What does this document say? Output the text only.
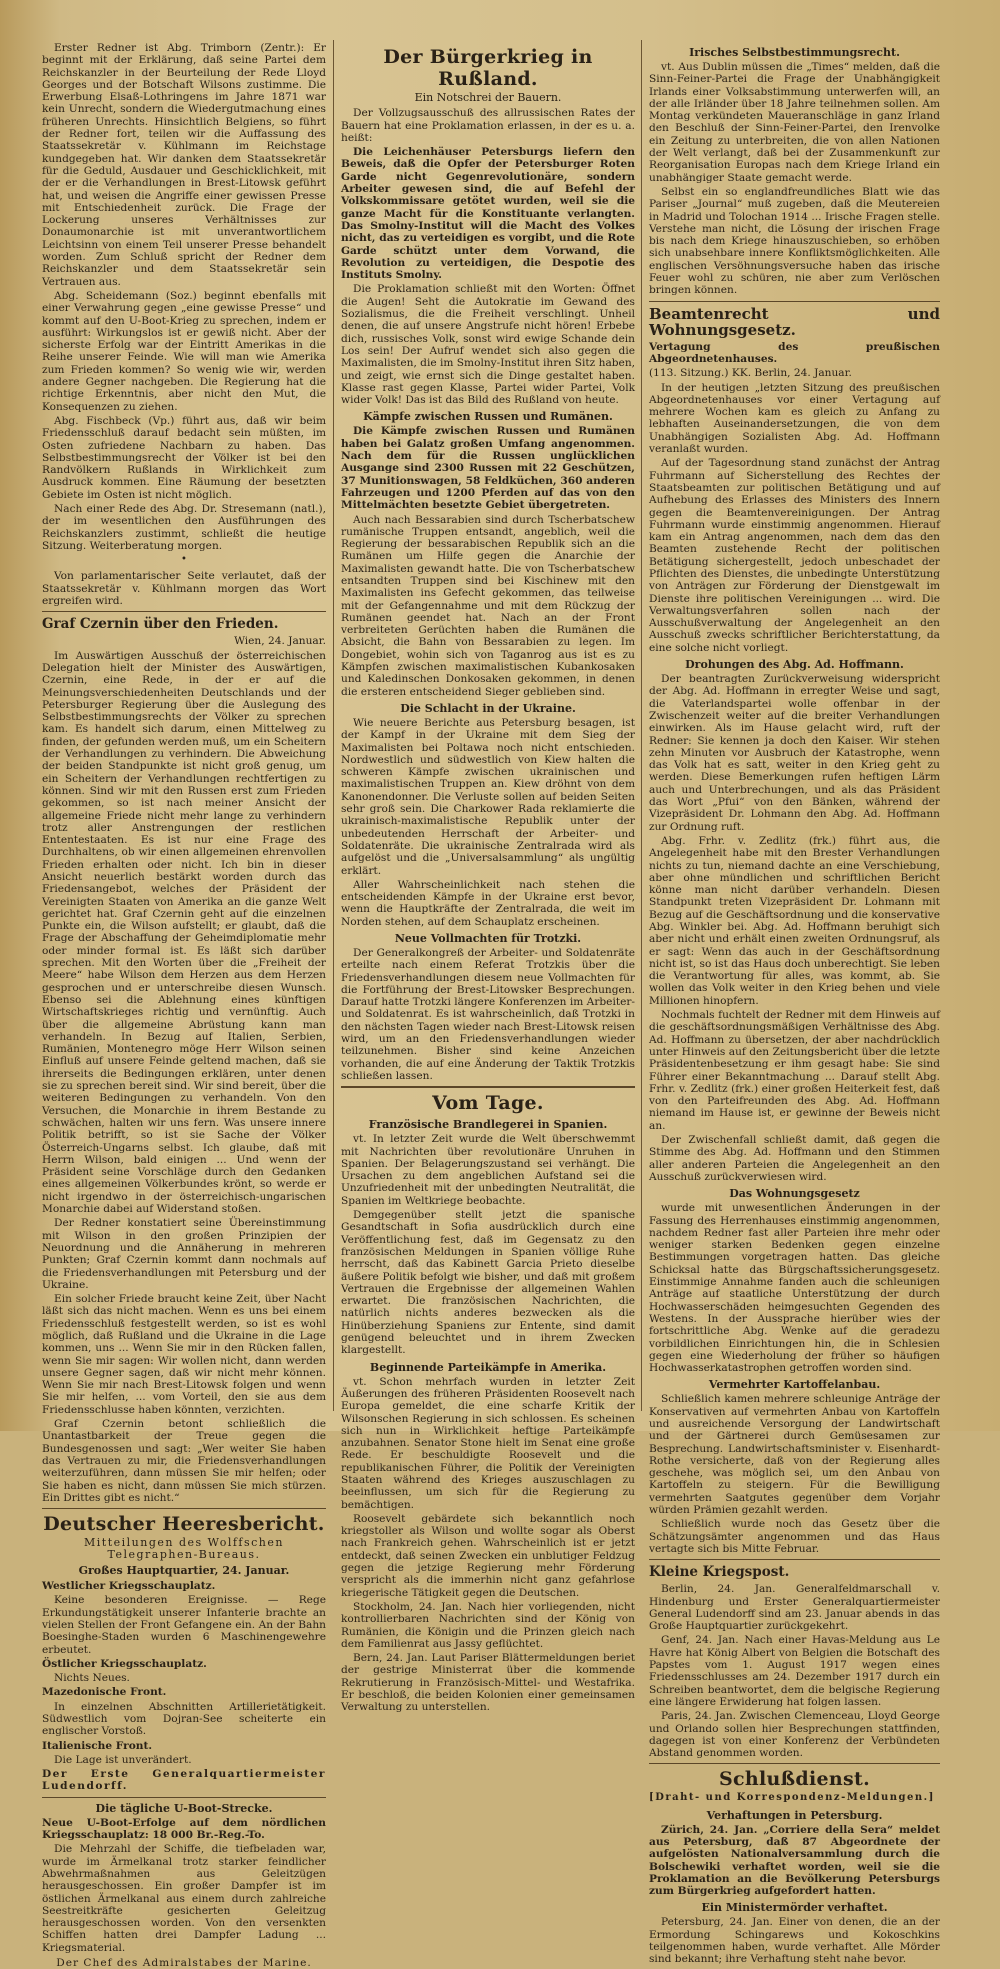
Erster Redner ist Abg. Trimborn (Zentr.): Er beginnt mit der Erklärung, daß seine Partei dem Reichskanzler in der Beurteilung der Rede Lloyd Georges und der Botschaft Wilsons zustimme. Die Erwerbung Elsaß-Lothringens im Jahre 1871 war kein Unrecht, sondern die Wiedergutmachung eines früheren Unrechts. Hinsichtlich Belgiens, so führt der Redner fort, teilen wir die Auffassung des Staatssekretär v. Kühlmann im Reichstage kundgegeben hat. Wir danken dem Staatssekretär für die Geduld, Ausdauer und Geschicklichkeit, mit der er die Verhandlungen in Brest-Litowsk geführt hat, und weisen die Angriffe einer gewissen Presse mit Entschiedenheit zurück. Die Frage der Lockerung unseres Verhältnisses zur Donaumonarchie ist mit unverantwortlichem Leichtsinn von einem Teil unserer Presse behandelt worden. Zum Schluß spricht der Redner dem Reichskanzler und dem Staatssekretär sein Vertrauen aus.

Abg. Scheidemann (Soz.) beginnt ebenfalls mit einer Verwahrung gegen „eine gewisse Presse“ und kommt auf den U-Boot-Krieg zu sprechen, indem er ausführt: Wirkungslos ist er gewiß nicht. Aber der sicherste Erfolg war der Eintritt Amerikas in die Reihe unserer Feinde. Wie will man wie Amerika zum Frieden kommen? So wenig wie wir, werden andere Gegner nachgeben. Die Regierung hat die richtige Erkenntnis, aber nicht den Mut, die Konsequenzen zu ziehen.

Abg. Fischbeck (Vp.) führt aus, daß wir beim Friedensschluß darauf bedacht sein müßten, im Osten zufriedene Nachbarn zu haben. Das Selbstbestimmungsrecht der Völker ist bei den Randvölkern Rußlands in Wirklichkeit zum Ausdruck kommen. Eine Räumung der besetzten Gebiete im Osten ist nicht möglich.

Nach einer Rede des Abg. Dr. Stresemann (natl.), der im wesentlichen den Ausführungen des Reichskanzlers zustimmt, schließt die heutige Sitzung. Weiterberatung morgen.

•

Von parlamentarischer Seite verlautet, daß der Staatssekretär v. Kühlmann morgen das Wort ergreifen wird.

Graf Czernin über den Frieden.
Wien, 24. Januar.

Im Auswärtigen Ausschuß der österreichischen Delegation hielt der Minister des Auswärtigen, Czernin, eine Rede, in der er auf die Meinungsverschiedenheiten Deutschlands und der Petersburger Regierung über die Auslegung des Selbstbestimmungsrechts der Völker zu sprechen kam. Es handelt sich darum, einen Mittelweg zu finden, der gefunden werden muß, um ein Scheitern der Verhandlungen zu verhindern. Die Abweichung der beiden Standpunkte ist nicht groß genug, um ein Scheitern der Verhandlungen rechtfertigen zu können. Sind wir mit den Russen erst zum Frieden gekommen, so ist nach meiner Ansicht der allgemeine Friede nicht mehr lange zu verhindern trotz aller Anstrengungen der restlichen Ententestaaten. Es ist nur eine Frage des Durchhaltens, ob wir einen allgemeinen ehrenvollen Frieden erhalten oder nicht. Ich bin in dieser Ansicht neuerlich bestärkt worden durch das Friedensangebot, welches der Präsident der Vereinigten Staaten von Amerika an die ganze Welt gerichtet hat. Graf Czernin geht auf die einzelnen Punkte ein, die Wilson aufstellt; er glaubt, daß die Frage der Abschaffung der Geheimdiplomatie mehr oder minder formal ist. Es läßt sich darüber sprechen. Mit den Worten über die „Freiheit der Meere“ habe Wilson dem Herzen aus dem Herzen gesprochen und er unterschreibe diesen Wunsch. Ebenso sei die Ablehnung eines künftigen Wirtschaftskrieges richtig und vernünftig. Auch über die allgemeine Abrüstung kann man verhandeln. In Bezug auf Italien, Serbien, Rumänien, Montenegro möge Herr Wilson seinen Einfluß auf unsere Feinde geltend machen, daß sie ihrerseits die Bedingungen erklären, unter denen sie zu sprechen bereit sind. Wir sind bereit, über die weiteren Bedingungen zu verhandeln. Von den Versuchen, die Monarchie in ihrem Bestande zu schwächen, halten wir uns fern. Was unsere innere Politik betrifft, so ist sie Sache der Völker Österreich-Ungarns selbst. Ich glaube, daß mit Herrn Wilson, bald einigen ... Und wenn der Präsident seine Vorschläge durch den Gedanken eines allgemeinen Völkerbundes krönt, so werde er nicht irgendwo in der österreichisch-ungarischen Monarchie dabei auf Widerstand stoßen.

Der Redner konstatiert seine Übereinstimmung mit Wilson in den großen Prinzipien der Neuordnung und die Annäherung in mehreren Punkten; Graf Czernin kommt dann nochmals auf die Friedensverhandlungen mit Petersburg und der Ukraine.

Ein solcher Friede braucht keine Zeit, über Nacht läßt sich das nicht machen. Wenn es uns bei einem Friedensschluß festgestellt werden, so ist es wohl möglich, daß Rußland und die Ukraine in die Lage kommen, uns ... Wenn Sie mir in den Rücken fallen, wenn Sie mir sagen: Wir wollen nicht, dann werden unsere Gegner sagen, daß wir nicht mehr können. Wenn Sie mir nach Brest-Litowsk folgen und wenn Sie mir helfen, ... vom Vorteil, den sie aus dem Friedensschlusse haben könnten, verzichten.

Graf Czernin betont schließlich die Unantastbarkeit der Treue gegen die Bundesgenossen und sagt: „Wer weiter Sie haben das Vertrauen zu mir, die Friedensverhandlungen weiterzuführen, dann müssen Sie mir helfen; oder Sie haben es nicht, dann müssen Sie mich stürzen. Ein Drittes gibt es nicht.“

Deutscher Heeresbericht.
Mitteilungen des Wolffschen Telegraphen-Bureaus.
Großes Hauptquartier, 24. Januar.

Westlicher Kriegsschauplatz.

Keine besonderen Ereignisse. — Rege Erkundungstätigkeit unserer Infanterie brachte an vielen Stellen der Front Gefangene ein. An der Bahn Boesinghe-Staden wurden 6 Maschinengewehre erbeutet.

Östlicher Kriegsschauplatz.

Nichts Neues.

Mazedonische Front.

In einzelnen Abschnitten Artillerietätigkeit. Südwestlich vom Dojran-See scheiterte ein englischer Vorstoß.

Italienische Front.

Die Lage ist unverändert.

Der Erste Generalquartiermeister Ludendorff.

Die tägliche U-Boot-Strecke.

Neue U-Boot-Erfolge auf dem nördlichen Kriegsschauplatz: 18 000 Br.-Reg.-To.

Die Mehrzahl der Schiffe, die tiefbeladen war, wurde im Ärmelkanal trotz starker feindlicher Abwehrmaßnahmen aus Geleitzügen herausgeschossen. Ein großer Dampfer ist im östlichen Ärmelkanal aus einem durch zahlreiche Seestreitkräfte gesicherten Geleitzug herausgeschossen worden. Von den versenkten Schiffen hatten drei Dampfer Ladung ... Kriegsmaterial.

Der Chef des Admiralstabes der Marine.
Der Bürgerkrieg in Rußland.
Ein Notschrei der Bauern.

Der Vollzugsausschuß des allrussischen Rates der Bauern hat eine Proklamation erlassen, in der es u. a. heißt:

Die Leichenhäuser Petersburgs liefern den Beweis, daß die Opfer der Petersburger Roten Garde nicht Gegenrevolutionäre, sondern Arbeiter gewesen sind, die auf Befehl der Volkskommissare getötet wurden, weil sie die ganze Macht für die Konstituante verlangten. Das Smolny-Institut will die Macht des Volkes nicht, das zu verteidigen es vorgibt, und die Rote Garde schützt unter dem Vorwand, die Revolution zu verteidigen, die Despotie des Instituts Smolny.

Die Proklamation schließt mit den Worten: Öffnet die Augen! Seht die Autokratie im Gewand des Sozialismus, die die Freiheit verschlingt. Unheil denen, die auf unsere Angstrufe nicht hören! Erbebe dich, russisches Volk, sonst wird ewige Schande dein Los sein! Der Aufruf wendet sich also gegen die Maximalisten, die im Smolny-Institut ihren Sitz haben, und zeigt, wie ernst sich die Dinge gestaltet haben. Klasse rast gegen Klasse, Partei wider Partei, Volk wider Volk! Das ist das Bild des Rußland von heute.

Kämpfe zwischen Russen und Rumänen.

Die Kämpfe zwischen Russen und Rumänen haben bei Galatz großen Umfang angenommen. Nach dem für die Russen unglücklichen Ausgange sind 2300 Russen mit 22 Geschützen, 37 Munitionswagen, 58 Feldküchen, 360 anderen Fahrzeugen und 1200 Pferden auf das von den Mittelmächten besetzte Gebiet übergetreten.

Auch nach Bessarabien sind durch Tscherbatschew rumänische Truppen entsandt, angeblich, weil die Regierung der bessarabischen Republik sich an die Rumänen um Hilfe gegen die Anarchie der Maximalisten gewandt hatte. Die von Tscherbatschew entsandten Truppen sind bei Kischinew mit den Maximalisten ins Gefecht gekommen, das teilweise mit der Gefangennahme und mit dem Rückzug der Rumänen geendet hat. Nach an der Front verbreiteten Gerüchten haben die Rumänen die Absicht, die Bahn von Bessarabien zu legen. Im Dongebiet, wohin sich von Taganrog aus ist es zu Kämpfen zwischen maximalistischen Kubankosaken und Kaledinschen Donkosaken gekommen, in denen die ersteren entscheidend Sieger geblieben sind.

Die Schlacht in der Ukraine.

Wie neuere Berichte aus Petersburg besagen, ist der Kampf in der Ukraine mit dem Sieg der Maximalisten bei Poltawa noch nicht entschieden. Nordwestlich und südwestlich von Kiew halten die schweren Kämpfe zwischen ukrainischen und maximalistischen Truppen an. Kiew dröhnt von dem Kanonendonner. Die Verluste sollen auf beiden Seiten sehr groß sein. Die Charkower Rada reklamierte die ukrainisch-maximalistische Republik unter der unbedeutenden Herrschaft der Arbeiter- und Soldatenräte. Die ukrainische Zentralrada wird als aufgelöst und die „Universalsammlung“ als ungültig erklärt.

Aller Wahrscheinlichkeit nach stehen die entscheidenden Kämpfe in der Ukraine erst bevor, wenn die Hauptkräfte der Zentralrada, die weit im Norden stehen, auf dem Schauplatz erscheinen.

Neue Vollmachten für Trotzki.

Der Generalkongreß der Arbeiter- und Soldatenräte erteilte nach einem Referat Trotzkis über die Friedensverhandlungen diesem neue Vollmachten für die Fortführung der Brest-Litowsker Besprechungen. Darauf hatte Trotzki längere Konferenzen im Arbeiter- und Soldatenrat. Es ist wahrscheinlich, daß Trotzki in den nächsten Tagen wieder nach Brest-Litowsk reisen wird, um an den Friedensverhandlungen wieder teilzunehmen. Bisher sind keine Anzeichen vorhanden, die auf eine Änderung der Taktik Trotzkis schließen lassen.

Vom Tage.
Französische Brandlegerei in Spanien.

vt. In letzter Zeit wurde die Welt überschwemmt mit Nachrichten über revolutionäre Unruhen in Spanien. Der Belagerungszustand sei verhängt. Die Ursachen zu dem angeblichen Aufstand sei die Unzufriedenheit mit der unbedingten Neutralität, die Spanien im Weltkriege beobachte.

Demgegenüber stellt jetzt die spanische Gesandtschaft in Sofia ausdrücklich durch eine Veröffentlichung fest, daß im Gegensatz zu den französischen Meldungen in Spanien völlige Ruhe herrscht, daß das Kabinett Garcia Prieto dieselbe äußere Politik befolgt wie bisher, und daß mit großem Vertrauen die Ergebnisse der allgemeinen Wahlen erwartet. Die französischen Nachrichten, die natürlich nichts anderes bezwecken als die Hinüberziehung Spaniens zur Entente, sind damit genügend beleuchtet und in ihrem Zwecken klargestellt.

Beginnende Parteikämpfe in Amerika.

vt. Schon mehrfach wurden in letzter Zeit Äußerungen des früheren Präsidenten Roosevelt nach Europa gemeldet, die eine scharfe Kritik der Wilsonschen Regierung in sich schlossen. Es scheinen sich nun in Wirklichkeit heftige Parteikämpfe anzubahnen. Senator Stone hielt im Senat eine große Rede. Er beschuldigte Roosevelt und die republikanischen Führer, die Politik der Vereinigten Staaten während des Krieges auszuschlagen zu beeinflussen, um sich für die Regierung zu bemächtigen.

Roosevelt gebärdete sich bekanntlich noch kriegstoller als Wilson und wollte sogar als Oberst nach Frankreich gehen. Wahrscheinlich ist er jetzt entdeckt, daß seinen Zwecken ein unblutiger Feldzug gegen die jetzige Regierung mehr Förderung verspricht als die immerhin nicht ganz gefahrlose kriegerische Tätigkeit gegen die Deutschen.

Stockholm, 24. Jan. Nach hier vorliegenden, nicht kontrollierbaren Nachrichten sind der König von Rumänien, die Königin und die Prinzen gleich nach dem Familienrat aus Jassy geflüchtet.

Bern, 24. Jan. Laut Pariser Blättermeldungen beriet der gestrige Ministerrat über die kommende Rekrutierung in Französisch-Mittel- und Westafrika. Er beschloß, die beiden Kolonien einer gemeinsamen Verwaltung zu unterstellen.

Irisches Selbstbestimmungsrecht.

vt. Aus Dublin müssen die „Times“ melden, daß die Sinn-Feiner-Partei die Frage der Unabhängigkeit Irlands einer Volksabstimmung unterwerfen will, an der alle Irländer über 18 Jahre teilnehmen sollen. Am Montag verkündeten Maueranschläge in ganz Irland den Beschluß der Sinn-Feiner-Partei, den Irenvolke ein Zeitung zu unterbreiten, die von allen Nationen der Welt verlangt, daß bei der Zusammenkunft zur Reorganisation Europas nach dem Kriege Irland ein unabhängiger Staate gemacht werde.

Selbst ein so englandfreundliches Blatt wie das Pariser „Journal“ muß zugeben, daß die Meutereien in Madrid und Tolochan 1914 ... Irische Fragen stelle. Verstehe man nicht, die Lösung der irischen Frage bis nach dem Kriege hinauszuschieben, so erhöben sich unabsehbare innere Konfliktsmöglichkeiten. Alle englischen Versöhnungsversuche haben das irische Feuer wohl zu schüren, nie aber zum Verlöschen bringen können.

Beamtenrecht und Wohnungsgesetz.

Vertagung des preußischen Abgeordnetenhauses.

(113. Sitzung.) KK. Berlin, 24. Januar.

In der heutigen „letzten Sitzung des preußischen Abgeordnetenhauses vor einer Vertagung auf mehrere Wochen kam es gleich zu Anfang zu lebhaften Auseinandersetzungen, die von dem Unabhängigen Sozialisten Abg. Ad. Hoffmann veranlaßt wurden.

Auf der Tagesordnung stand zunächst der Antrag Fuhrmann auf Sicherstellung des Rechtes der Staatsbeamten zur politischen Betätigung und auf Aufhebung des Erlasses des Ministers des Innern gegen die Beamtenvereinigungen. Der Antrag Fuhrmann wurde einstimmig angenommen. Hierauf kam ein Antrag angenommen, nach dem das den Beamten zustehende Recht der politischen Betätigung sichergestellt, jedoch unbeschadet der Pflichten des Dienstes, die unbedingte Unterstützung von Anträgen zur Förderung der Dienstgewalt im Dienste ihre politischen Vereinigungen ... wird. Die Verwaltungsverfahren sollen nach der Ausschußverwaltung der Angelegenheit an den Ausschuß zwecks schriftlicher Berichterstattung, da eine solche nicht vorliegt.

Drohungen des Abg. Ad. Hoffmann.

Der beantragten Zurückverweisung widerspricht der Abg. Ad. Hoffmann in erregter Weise und sagt, die Vaterlandspartei wolle offenbar in der Zwischenzeit weiter auf die breiter Verhandlungen einwirken. Als im Hause gelacht wird, ruft der Redner: Sie kennen ja doch den Kaiser. Wir stehen zehn Minuten vor Ausbruch der Katastrophe, wenn das Volk hat es satt, weiter in den Krieg geht zu werden. Diese Bemerkungen rufen heftigen Lärm auch und Unterbrechungen, und als das Präsident das Wort „Pfui“ von den Bänken, während der Vizepräsident Dr. Lohmann den Abg. Ad. Hoffmann zur Ordnung ruft.

Abg. Frhr. v. Zedlitz (frk.) führt aus, die Angelegenheit habe mit den Brester Verhandlungen nichts zu tun, niemand dachte an eine Verschiebung, aber ohne mündlichen und schriftlichen Bericht könne man nicht darüber verhandeln. Diesen Standpunkt treten Vizepräsident Dr. Lohmann mit Bezug auf die Geschäftsordnung und die konservative Abg. Winkler bei. Abg. Ad. Hoffmann beruhigt sich aber nicht und erhält einen zweiten Ordnungsruf, als er sagt: Wenn das auch in der Geschäftsordnung nicht ist, so ist das Haus doch unberechtigt. Sie leben die Verantwortung für alles, was kommt, ab. Sie wollen das Volk weiter in den Krieg behen und viele Millionen hinopfern.

Nochmals fuchtelt der Redner mit dem Hinweis auf die geschäftsordnungsmäßigen Verhältnisse des Abg. Ad. Hoffmann zu übersetzen, der aber nachdrücklich unter Hinweis auf den Zeitungsbericht über die letzte Präsidentenbesetzung er ihm gesagt habe: Sie sind Führer einer Bekanntmachung ... Darauf stellt Abg. Frhr. v. Zedlitz (frk.) einer großen Heiterkeit fest, daß von den Parteifreunden des Abg. Ad. Hoffmann niemand im Hause ist, er gewinne der Beweis nicht an.

Der Zwischenfall schließt damit, daß gegen die Stimme des Abg. Ad. Hoffmann und den Stimmen aller anderen Parteien die Angelegenheit an den Ausschuß zurückverwiesen wird.

Das Wohnungsgesetz

wurde mit unwesentlichen Änderungen in der Fassung des Herrenhauses einstimmig angenommen, nachdem Redner fast aller Parteien ihre mehr oder weniger starken Bedenken gegen einzelne Bestimmungen vorgetragen hatten. Das gleiche Schicksal hatte das Bürgschaftssicherungsgesetz. Einstimmige Annahme fanden auch die schleunigen Anträge auf staatliche Unterstützung der durch Hochwasserschäden heimgesuchten Gegenden des Westens. In der Aussprache hierüber wies der fortschrittliche Abg. Wenke auf die geradezu vorbildlichen Einrichtungen hin, die in Schlesien gegen eine Wiederholung der früher so häufigen Hochwasserkatastrophen getroffen worden sind.

Vermehrter Kartoffelanbau.

Schließlich kamen mehrere schleunige Anträge der Konservativen auf vermehrten Anbau von Kartoffeln und ausreichende Versorgung der Landwirtschaft und der Gärtnerei durch Gemüsesamen zur Besprechung. Landwirtschaftsminister v. Eisenhardt-Rothe versicherte, daß von der Regierung alles geschehe, was möglich sei, um den Anbau von Kartoffeln zu steigern. Für die Bewilligung vermehrten Saatgutes gegenüber dem Vorjahr würden Prämien gezahlt werden.

Schließlich wurde noch das Gesetz über die Schätzungsämter angenommen und das Haus vertagte sich bis Mitte Februar.

Kleine Kriegspost.

Berlin, 24. Jan. Generalfeldmarschall v. Hindenburg und Erster Generalquartiermeister General Ludendorff sind am 23. Januar abends in das Große Hauptquartier zurückgekehrt.

Genf, 24. Jan. Nach einer Havas-Meldung aus Le Havre hat König Albert von Belgien die Botschaft des Papstes vom 1. August 1917 wegen eines Friedensschlusses am 24. Dezember 1917 durch ein Schreiben beantwortet, dem die belgische Regierung eine längere Erwiderung hat folgen lassen.

Paris, 24. Jan. Zwischen Clemenceau, Lloyd George und Orlando sollen hier Besprechungen stattfinden, dagegen ist von einer Konferenz der Verbündeten Abstand genommen worden.

Schlußdienst.

[Draht- und Korrespondenz-Meldungen.]

Verhaftungen in Petersburg.

Zürich, 24. Jan. „Corriere della Sera“ meldet aus Petersburg, daß 87 Abgeordnete der aufgelösten Nationalversammlung durch die Bolschewiki verhaftet worden, weil sie die Proklamation an die Bevölkerung Petersburgs zum Bürgerkrieg aufgefordert hatten.

Ein Ministermörder verhaftet.

Petersburg, 24. Jan. Einer von denen, die an der Ermordung Schingarews und Kokoschkins teilgenommen haben, wurde verhaftet. Alle Mörder sind bekannt; ihre Verhaftung steht nahe bevor.
